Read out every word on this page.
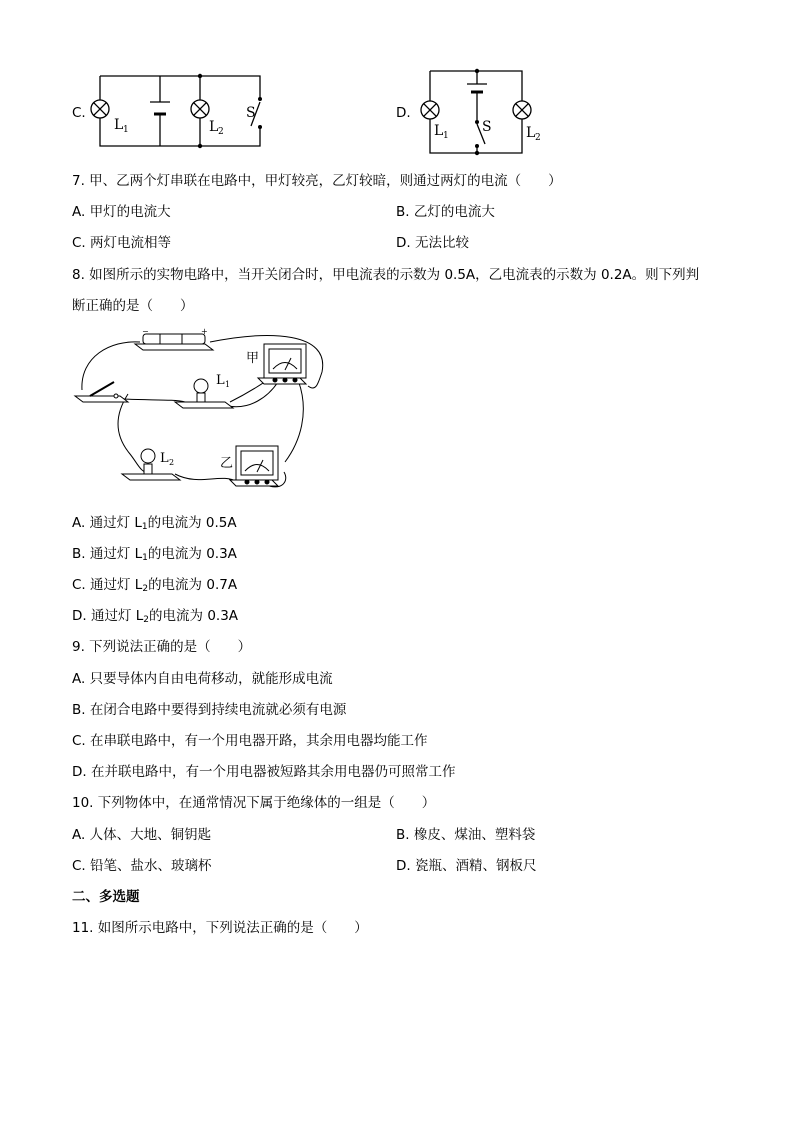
C.
L 1	L 2
S	D.
L 1
S L 2
7. 甲、乙两个灯串联在电路中，甲灯较亮，乙灯较暗，则通过两灯的电流（　　）
A. 甲灯的电流大	B. 乙灯的电流大
C. 两灯电流相等	D. 无法比较
8. 如图所示的实物电路中，当开关闭合时，甲电流表的示数为 0.5A，乙电流表的示数为 0.2A。则下列判
断正确的是（　　）
−	+
L 1
L 2
甲
乙
A. 通过灯 $L_1$的电流为 0.5A
B. 通过灯 $L_1$的电流为 0.3A
C. 通过灯 $L_2$的电流为 0.7A
D. 通过灯 $L_2$的电流为 0.3A
9. 下列说法正确的是（　　）
A. 只要导体内自由电荷移动，就能形成电流
B. 在闭合电路中要得到持续电流就必须有电源
C. 在串联电路中，有一个用电器开路，其余用电器均能工作
D. 在并联电路中，有一个用电器被短路其余用电器仍可照常工作
10. 下列物体中，在通常情况下属于绝缘体的一组是（　　）
A. 人体、大地、铜钥匙	B. 橡皮、煤油、塑料袋
C. 铅笔、盐水、玻璃杯	D. 瓷瓶、酒精、钢板尺
二、多选题
11. 如图所示电路中，下列说法正确的是（　　）
